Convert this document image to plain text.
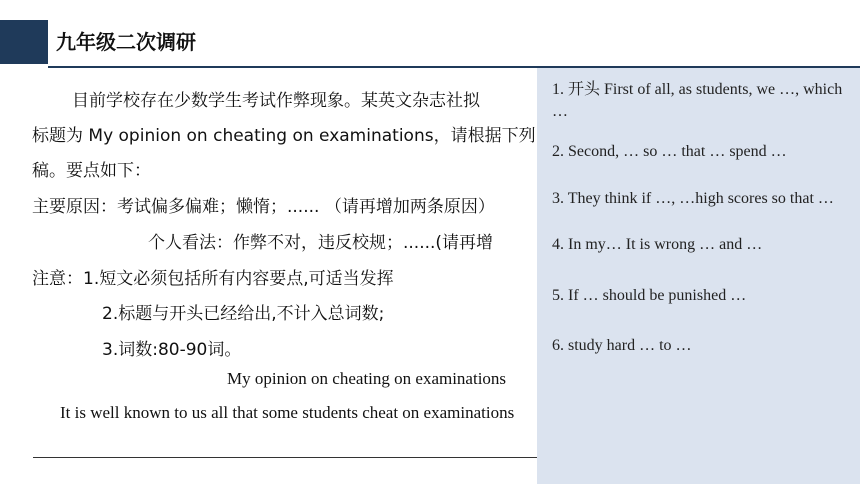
九年级二次调研
目前学校存在少数学生考试作弊现象。某英文杂志社拟
标题为 My opinion on cheating on examinations，请根据下列
稿。要点如下：
主要原因：考试偏多偏难；懒惰；...... （请再增加两条原因）
个人看法：作弊不对，违反校规；......(请再增
注意：1.短文必须包括所有内容要点,可适当发挥
2.标题与开头已经给出,不计入总词数;
3.词数:80-90词。
My opinion on cheating on examinations
It is well known to us all that some students cheat on examinations
1. 开头 First of all, as students, we …, which …
2. Second, … so … that … spend …
3. They think if …, …high scores so that …
4. In my… It is wrong … and …
5. If … should be punished …
6. study hard … to …
